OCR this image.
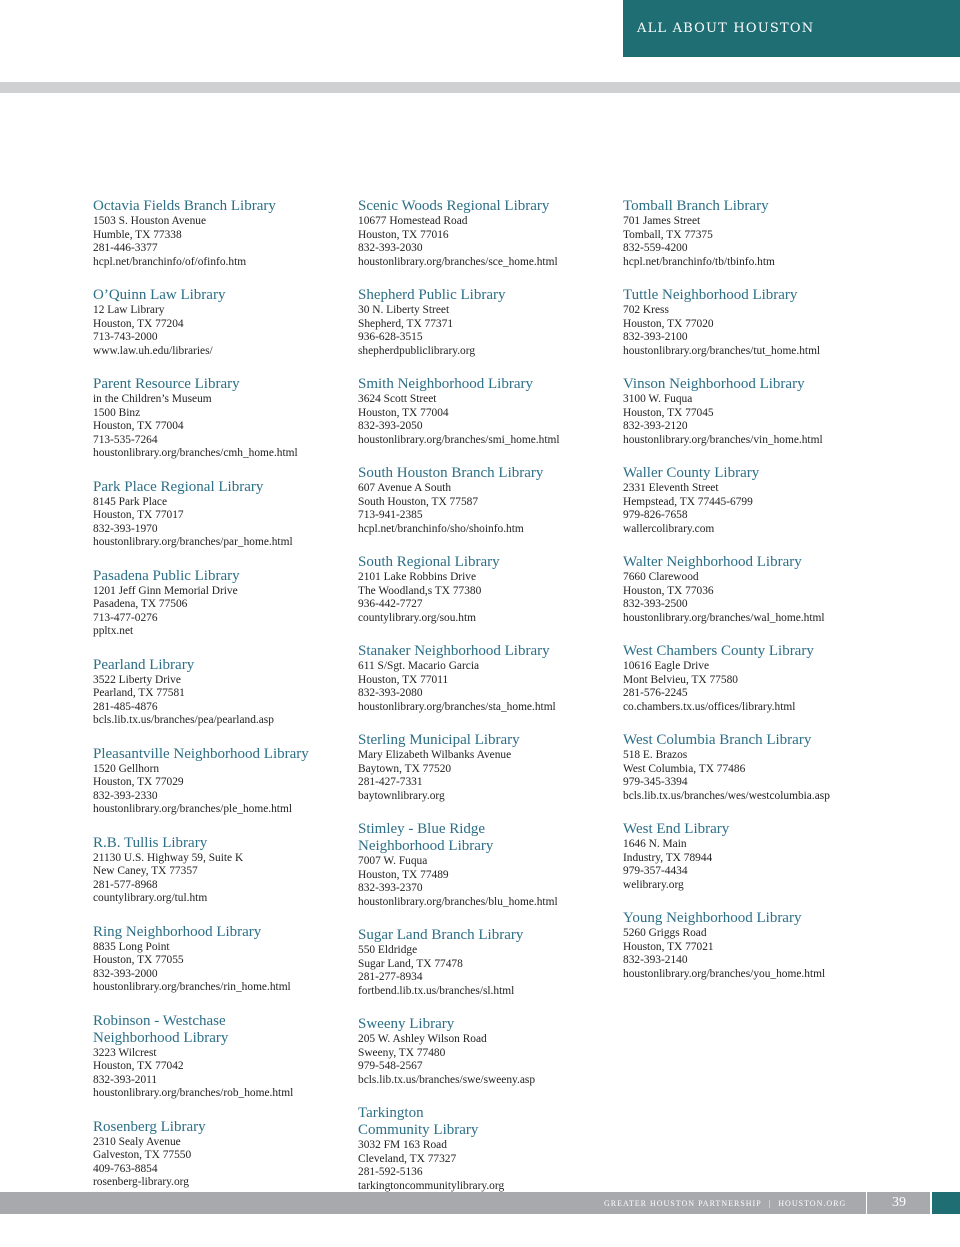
ALL ABOUT HOUSTON
Octavia Fields Branch Library
1503 S. Houston Avenue
Humble, TX 77338
281-446-3377
hcpl.net/branchinfo/of/ofinfo.htm
O’Quinn Law Library
12 Law Library
Houston, TX 77204
713-743-2000
www.law.uh.edu/libraries/
Parent Resource Library
in the Children’s Museum
1500 Binz
Houston, TX 77004
713-535-7264
houstonlibrary.org/branches/cmh_home.html
Park Place Regional Library
8145 Park Place
Houston, TX 77017
832-393-1970
houstonlibrary.org/branches/par_home.html
Pasadena Public Library
1201 Jeff Ginn Memorial Drive
Pasadena, TX 77506
713-477-0276
ppltx.net
Pearland Library
3522 Liberty Drive
Pearland, TX 77581
281-485-4876
bcls.lib.tx.us/branches/pea/pearland.asp
Pleasantville Neighborhood Library
1520 Gellhorn
Houston, TX 77029
832-393-2330
houstonlibrary.org/branches/ple_home.html
R.B. Tullis Library
21130 U.S. Highway 59, Suite K
New Caney, TX 77357
281-577-8968
countylibrary.org/tul.htm
Ring Neighborhood Library
8835 Long Point
Houston, TX 77055
832-393-2000
houstonlibrary.org/branches/rin_home.html
Robinson - Westchase
Neighborhood Library
3223 Wilcrest
Houston, TX 77042
832-393-2011
houstonlibrary.org/branches/rob_home.html
Rosenberg Library
2310 Sealy Avenue
Galveston, TX 77550
409-763-8854
rosenberg-library.org
Scenic Woods Regional Library
10677 Homestead Road
Houston, TX 77016
832-393-2030
houstonlibrary.org/branches/sce_home.html
Shepherd Public Library
30 N. Liberty Street
Shepherd, TX 77371
936-628-3515
shepherdpubliclibrary.org
Smith Neighborhood Library
3624 Scott Street
Houston, TX 77004
832-393-2050
houstonlibrary.org/branches/smi_home.html
South Houston Branch Library
607 Avenue A South
South Houston, TX 77587
713-941-2385
hcpl.net/branchinfo/sho/shoinfo.htm
South Regional Library
2101 Lake Robbins Drive
The Woodland,s TX 77380
936-442-7727
countylibrary.org/sou.htm
Stanaker Neighborhood Library
611 S/Sgt. Macario Garcia
Houston, TX 77011
832-393-2080
houstonlibrary.org/branches/sta_home.html
Sterling Municipal Library
Mary Elizabeth Wilbanks Avenue
Baytown, TX 77520
281-427-7331
baytownlibrary.org
Stimley - Blue Ridge
Neighborhood Library
7007 W. Fuqua
Houston, TX 77489
832-393-2370
houstonlibrary.org/branches/blu_home.html
Sugar Land Branch Library
550 Eldridge
Sugar Land, TX 77478
281-277-8934
fortbend.lib.tx.us/branches/sl.html
Sweeny Library
205 W. Ashley Wilson Road
Sweeny, TX 77480
979-548-2567
bcls.lib.tx.us/branches/swe/sweeny.asp
Tarkington
Community Library
3032 FM 163 Road
Cleveland, TX 77327
281-592-5136
tarkingtoncommunitylibrary.org
Tomball Branch Library
701 James Street
Tomball, TX 77375
832-559-4200
hcpl.net/branchinfo/tb/tbinfo.htm
Tuttle Neighborhood Library
702 Kress
Houston, TX 77020
832-393-2100
houstonlibrary.org/branches/tut_home.html
Vinson Neighborhood Library
3100 W. Fuqua
Houston, TX 77045
832-393-2120
houstonlibrary.org/branches/vin_home.html
Waller County Library
2331 Eleventh Street
Hempstead, TX 77445-6799
979-826-7658
wallercolibrary.com
Walter Neighborhood Library
7660 Clarewood
Houston, TX 77036
832-393-2500
houstonlibrary.org/branches/wal_home.html
West Chambers County Library
10616 Eagle Drive
Mont Belvieu, TX 77580
281-576-2245
co.chambers.tx.us/offices/library.html
West Columbia Branch Library
518 E. Brazos
West Columbia, TX 77486
979-345-3394
bcls.lib.tx.us/branches/wes/westcolumbia.asp
West End Library
1646 N. Main
Industry, TX 78944
979-357-4434
welibrary.org
Young Neighborhood Library
5260 Griggs Road
Houston, TX 77021
832-393-2140
houstonlibrary.org/branches/you_home.html
GREATER HOUSTON PARTNERSHIP | HOUSTON.ORG	39
